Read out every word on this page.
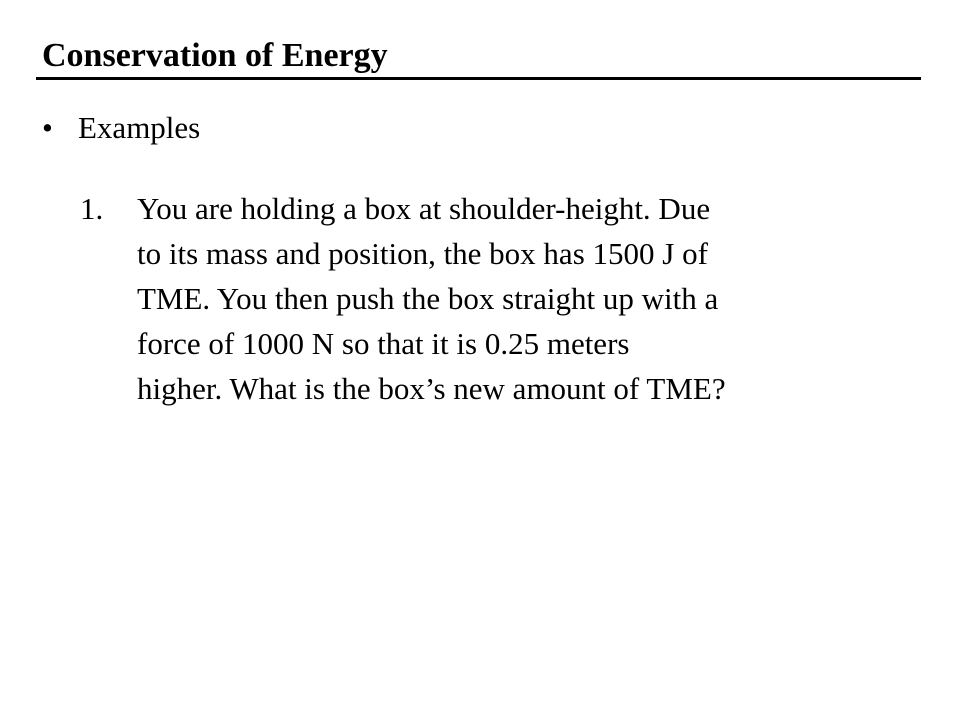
Conservation of Energy
• Examples
1. You are holding a box at shoulder-height. Due
to its mass and position, the box has 1500 J of
TME. You then push the box straight up with a
force of 1000 N so that it is 0.25 meters
higher. What is the box’s new amount of TME?
